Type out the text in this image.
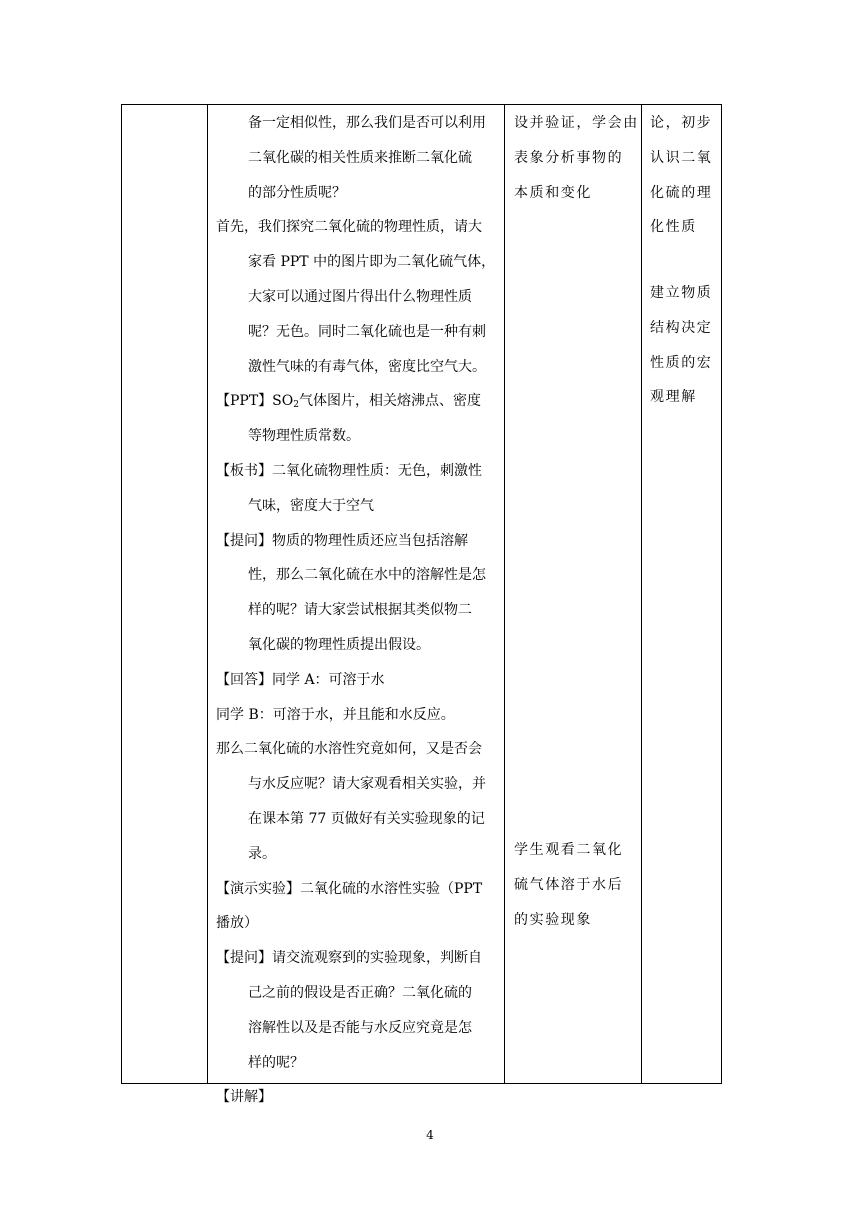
备一定相似性，那么我们是否可以利用
二氧化碳的相关性质来推断二氧化硫
的部分性质呢？
首先，我们探究二氧化硫的物理性质，请大
家看 PPT 中的图片即为二氧化硫气体，
大家可以通过图片得出什么物理性质
呢？无色。同时二氧化硫也是一种有刺
激性气味的有毒气体，密度比空气大。
【PPT】$SO_2$气体图片，相关熔沸点、密度
等物理性质常数。
【板书】二氧化硫物理性质：无色，刺激性
气味，密度大于空气
【提问】物质的物理性质还应当包括溶解
性，那么二氧化硫在水中的溶解性是怎
样的呢？请大家尝试根据其类似物二
氧化碳的物理性质提出假设。
【回答】同学 A：可溶于水
同学 B：可溶于水，并且能和水反应。
那么二氧化硫的水溶性究竟如何，又是否会
与水反应呢？请大家观看相关实验，并
在课本第 77 页做好有关实验现象的记
录。
【演示实验】二氧化硫的水溶性实验（PPT
播放）
【提问】请交流观察到的实验现象，判断自
己之前的假设是否正确？二氧化硫的
溶解性以及是否能与水反应究竟是怎
样的呢？
【讲解】
设并验证，学会由
表象分析事物的
本质和变化
学生观看二氧化
硫气体溶于水后
的实验现象
论，初步
认识二氧
化硫的理
化性质
建立物质
结构决定
性质的宏
观理解
4
